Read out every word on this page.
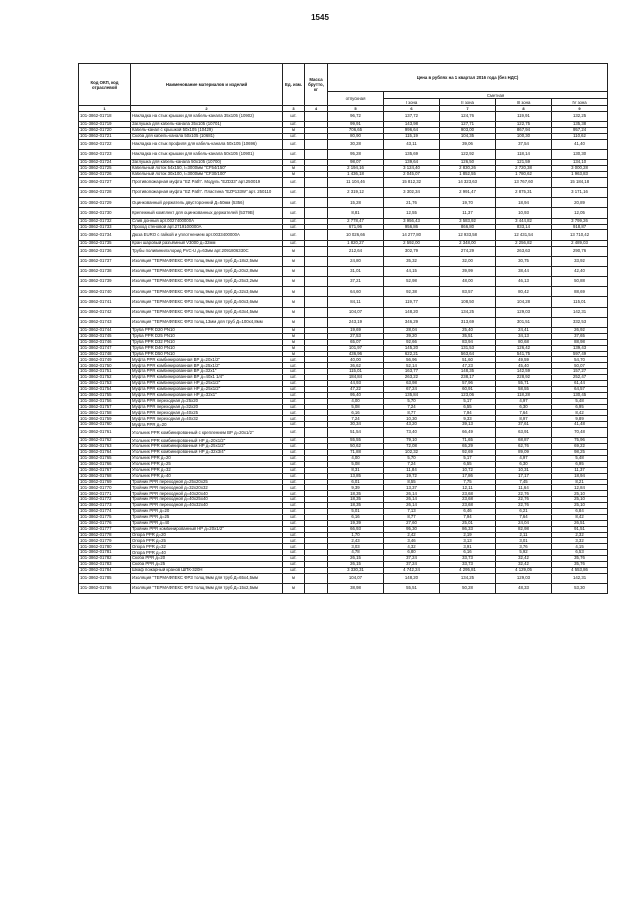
1545
Код ОКП, код отраслевой	Наименование материалов и изделий	Ед. изм.	Масса брутто, кг	Цена в рублях на 1 квартал 2016 года (без НДС)				
				отпускная	Сметная			
					I зона	II зона	III зона	IV зона
1	2	3	4	5	6	7	8	9
101-3862-01718	Накладка на стык крышки для кабель-канала 35х105 (10902)	шт.		96,72	137,72	124,76	119,91	132,25
101-3862-01719	Заглушка для кабель-канала 35х105 (10701)	шт.		99,91	143,98	127,71	122,75	135,38
101-3862-01720	Кабель-канал с крышкой 50х105 (10429)	м		706,65	996,64	903,00	867,94	957,24
101-3862-01721	Скоба для кабель-канала 50х105 (10681)	шт.		80,90	115,19	104,35	100,30	110,62
101-3862-01722	Накладка на стык профиля для кабель-канала 50х105 (10696)	шт.		30,28	43,11	39,06	37,54	41,40
101-3862-01723	Накладка на стык крышки для кабель-канала 50х105 (10901)	шт.		95,28	135,69	122,92	118,14	130,30
101-3862-01724	Заглушка для кабель-канала 50х105 (10700)	шт.		98,07	139,64	126,50	121,59	134,10
101-3862-01725	Кабельный лоток 54х150, l=3000мм "CF54/150"	м		2 194,16	3 124,40	2 830,26	2 720,38	3 000,28
101-3862-01726	Кабельный лоток 30х100, l=3000мм "CF30/100"	м		1 436,18	2 045,07	1 852,55	1 780,62	1 963,83
101-3862-01727	Противопожарная муфта "EZ Path". Модуль "EZD33" арт.250019	шт.		11 104,46	15 812,32	14 323,63	13 767,60	15 184,18
101-3862-01728	Противопожарная муфта "EZ Path". Пластина "EZP133W" арт. 250110	шт.		2 319,12	3 302,34	2 991,47	2 875,31	3 171,16
101-3862-01729	Оцинкованный держатель двусторонний Д=50мм (5356)	шт.		15,28	21,76	19,70	18,94	20,89
101-3862-01730	Крепежный комплект для оцинкованных держателей (5379В)	шт.		8,81	12,55	11,37	10,93	12,05
101-3862-01732	Слив донный арт.0027400000А	шт.		2 778,47	3 956,43	3 583,92	3 444,82	3 799,26
101-3862-01733	Проход стеновой арт.2719100000А	шт.		671,96	956,86	866,80	833,14	918,87
101-3862-01734	Дюза EURO с гайкой и уплотнением арт.0033400000А	шт.		10 026,66	14 277,80	12 933,58	12 431,54	13 710,42
101-3862-01735	Кран шаровый разъёмный V3000 д=32мм	шт.		1 820,27	2 592,00	2 348,00	2 256,82	2 489,03
101-3862-01736	Трубы поливинилхлорид PVC-U д=63мм арт.2091806330С	м		212,64	302,79	274,29	263,63	290,76
101-3862-01737	Изоляция "ТЕРМАФЛЕКС ФРЗ толщ.9мм для труб Д=18х2,5мм	м		24,80	35,32	32,00	30,75	33,92
101-3862-01738	Изоляция "ТЕРМАФЛЕКС ФРЗ толщ.9мм для труб Д=20х2,8мм	м		31,01	44,15	39,99	38,44	42,40
101-3862-01739	Изоляция "ТЕРМАФЛЕКС ФРЗ толщ.9мм для труб Д=25х3,2мм	м		37,21	52,98	48,00	46,13	50,88
101-3862-01740	Изоляция "ТЕРМАФЛЕКС ФРЗ толщ.9мм для труб Д=32х3,6мм	м		64,60	92,38	83,57	80,42	88,69
101-3862-01741	Изоляция "ТЕРМАФЛЕКС ФРЗ толщ.9мм для труб Д=50х3,6мм	м		84,11	119,77	108,50	104,28	115,01
101-3862-01742	Изоляция "ТЕРМАФЛЕКС ФРЗ толщ.9мм для труб Д=63х4,5мм	м		104,07	148,20	134,25	129,03	142,31
101-3862-01743	Изоляция "ТЕРМАФЛЕКС ФРЗ толщ.13мм для труб Д=100х4,8мм	м		243,19	346,29	313,69	301,51	332,53
101-3862-01744	Труба PPR D20 PN10	м		19,69	28,04	25,40	24,41	26,92
101-3862-01745	Труба PPR D25 PN10	м		27,53	39,20	35,51	34,13	37,65
101-3862-01746	Труба PPR D32 PN10	м		65,07	92,66	83,94	80,68	88,98
101-3862-01747	Труба PPR D40 PN10	м		101,97	145,20	131,53	126,42	139,43
101-3862-01748	Труба PPR D50 PN10	м		436,96	622,21	563,64	541,75	597,49
101-3862-01749	Муфта PPR комбинированная ВР д=20х1/2"	шт.		40,00	56,96	51,60	49,59	54,70
101-3862-01750	Муфта PPR комбинированная ВР д=25х1/2"	шт.		36,62	52,14	47,23	45,40	50,07
101-3862-01751	Муфта PPR комбинированная ВР д=32х1"	шт.		115,01	163,77	148,35	142,59	157,27
101-3862-01752	Муфта PPR комбинированная ВР д=40х1 1/4"	шт.		184,84	263,22	238,17	228,92	252,47
101-3862-01753	Муфта PPR комбинированная НР д=25х1/2"	шт.		44,93	63,98	57,96	55,71	61,44
101-3862-01754	Муфта PPR комбинированная НР д=25х1/2"	шт.		47,22	67,24	60,91	58,55	64,57
101-3862-01755	Муфта PPR комбинированная НР д=32х1"	шт.		95,40	135,84	123,06	118,28	130,45
101-3862-01756	Муфта PPR переходная д=25х20	шт.		4,00	5,70	5,17	4,97	5,48
101-3862-01757	Муфта PPR переходная д=32х20	шт.		5,08	7,24	6,55	6,30	6,95
101-3862-01758	Муфта PPR переходная д=40х25	шт.		6,16	8,77	7,94	7,64	8,42
101-3862-01759	Муфта PPR переходная д=40х32	шт.		7,24	10,30	9,33	8,97	9,89
101-3862-01760	Муфта PPR д=20	шт.		30,34	43,20	39,13	37,61	41,48
101-3862-01761	Угольник PPR комбинированный с креплением ВР д=20х1/2"	шт.		51,54	73,40	66,49	63,91	70,48
101-3862-01762	Угольник PPR комбинированный НР д=20х1/2"	шт.		55,55	79,10	71,65	68,87	75,96
101-3862-01763	Угольник PPR комбинированный НР д=25х1/2"	шт.		50,62	72,08	65,29	62,76	69,22
101-3862-01764	Угольник PPR комбинированный НР д=32х3/4"	шт.		71,88	102,32	92,69	89,09	98,25
101-3862-01765	Угольник PPR д=20	шт.		4,00	5,70	5,17	4,97	5,48
101-3862-01766	Угольник PPR д=25	шт.		5,08	7,24	6,55	6,30	6,95
101-3862-01767	Угольник PPR д=32	шт.		8,31	11,84	10,72	10,31	11,37
101-3862-01768	Угольник PPR д=40	шт.		13,85	19,72	17,86	17,17	18,94
101-3862-01769	Тройник PPR переходной д=25х20х25	шт.		6,01	8,55	7,75	7,45	8,21
101-3862-01770	Тройник PPR переходной д=32х20х32	шт.		9,39	13,37	12,11	11,64	12,84
101-3862-01771	Тройник PPR переходной д=40х20х40	шт.		18,35	26,14	23,68	22,76	25,10
101-3862-01772	Тройник PPR переходной д=40х25х40	шт.		18,35	26,14	23,68	22,76	25,10
101-3862-01773	Тройник PPR переходной д=40х32х40	шт.		18,35	26,14	23,68	22,76	25,10
101-3862-01774	Тройник PPR д=20	шт.		5,01	7,13	6,46	6,21	6,84
101-3862-01775	Тройник PPR д=25	шт.		6,16	8,77	7,94	7,64	8,42
101-3862-01776	Тройник PPR д=40	шт.		19,39	27,60	25,01	24,04	26,51
101-3862-01777	Тройник PPR комбинированный НР д=20х1/2"	шт.		66,93	95,30	86,33	82,98	91,51
101-3862-01778	Опора PPR д=20	шт.		1,70	2,42	2,19	2,11	2,32
101-3862-01779	Опора PPR д=25	шт.		2,43	3,46	3,13	3,01	3,32
101-3862-01780	Опора PPR д=32	шт.		3,03	4,32	3,91	3,76	4,15
101-3862-01781	Опора PPR д=40	шт.		4,78	6,80	6,16	5,92	6,53
101-3862-01782	Скоба PPR д=20	шт.		26,15	37,24	33,73	32,42	35,76
101-3862-01783	Скоба PPR д=25	шт.		26,15	37,24	33,73	32,42	35,76
101-3862-01784	Шкаф пожарный кранов ШПК-320Н	шт.		3 330,31	4 742,24	4 295,81	4 129,05	4 553,86
101-3862-01785	Изоляция "ТЕРМАФЛЕКС ФРЗ толщ.9мм для труб Д=65х4,5мм	м		104,07	148,20	134,25	129,03	142,31
101-3862-01786	Изоляция "ТЕРМАФЛЕКС ФРЗ толщ.9мм для труб Д=15х2,5мм	м		38,98	55,51	50,28	48,33	53,30
